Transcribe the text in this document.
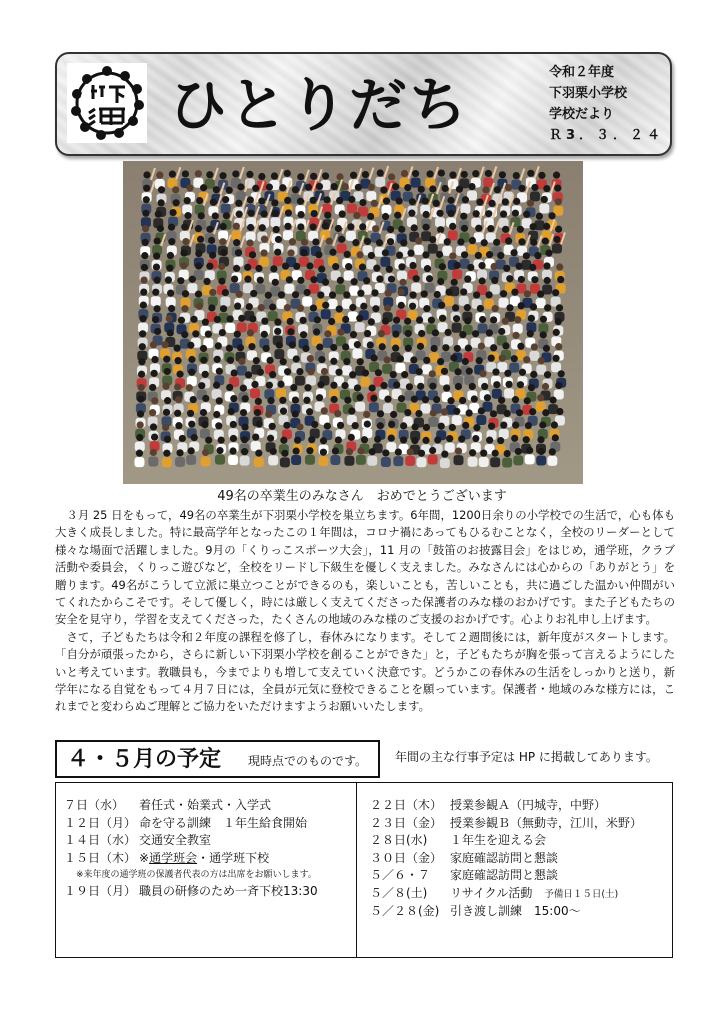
ひとりだち	令和２年度
下羽栗小学校
学校だより
Ｒ3．３．２４
49名の卒業生のみなさん　おめでとうございます

３月 25 日をもって，49名の卒業生が下羽栗小学校を巣立ちます。6年間，1200日余りの小学校での生活で，心も体も大きく成長しました。特に最高学年となったこの１年間は，コロナ禍にあってもひるむことなく，全校のリーダーとして様々な場面で活躍しました。9月の「くりっこスポーツ大会」，11 月の「鼓笛のお披露目会」をはじめ，通学班，クラブ活動や委員会，くりっこ遊びなど，全校をリードし下級生を優しく支えました。みなさんには心からの「ありがとう」を贈ります。49名がこうして立派に巣立つことができるのも，楽しいことも，苦しいことも，共に過ごした温かい仲間がいてくれたからこそです。そして優しく，時には厳しく支えてくださった保護者のみな様のおかげです。また子どもたちの安全を見守り，学習を支えてくださった，たくさんの地域のみな様のご支援のおかげです。心よりお礼申し上げます。

さて，子どもたちは令和２年度の課程を修了し，春休みになります。そして２週間後には，新年度がスタートします。「自分が頑張ったから，さらに新しい下羽栗小学校を創ることができた」と，子どもたちが胸を張って言えるようにしたいと考えています。教職員も，今までよりも増して支えていく決意です。どうかこの春休みの生活をしっかりと送り，新学年になる自覚をもって４月７日には，全員が元気に登校できることを願っています。保護者・地域のみな様方には，これまでと変わらぬご理解とご協力をいただけますようお願いいたします。

４・５月の予定 現時点でのものです。 年間の主な行事予定は HP に掲載してあります。
７日（水） 着任式・始業式・入学式
１２日（月） 命を守る訓練　１年生給食開始
１４日（水） 交通安全教室
１５日（木） ※通学班会・通学班下校
※来年度の通学班の保護者代表の方は出席をお願いします。
１９日（月） 職員の研修のため一斉下校13:30
２２日（木） 授業参観Ａ（円城寺，中野）
２３日（金） 授業参観Ｂ（無動寺，江川，米野）
２８日(水) １年生を迎える会
３０日（金） 家庭確認訪問と懇談
５／６・７ 家庭確認訪問と懇談
５／８(土) リサイクル活動　 予備日１５日(土)
５／２８(金) 引き渡し訓練　15:00～
